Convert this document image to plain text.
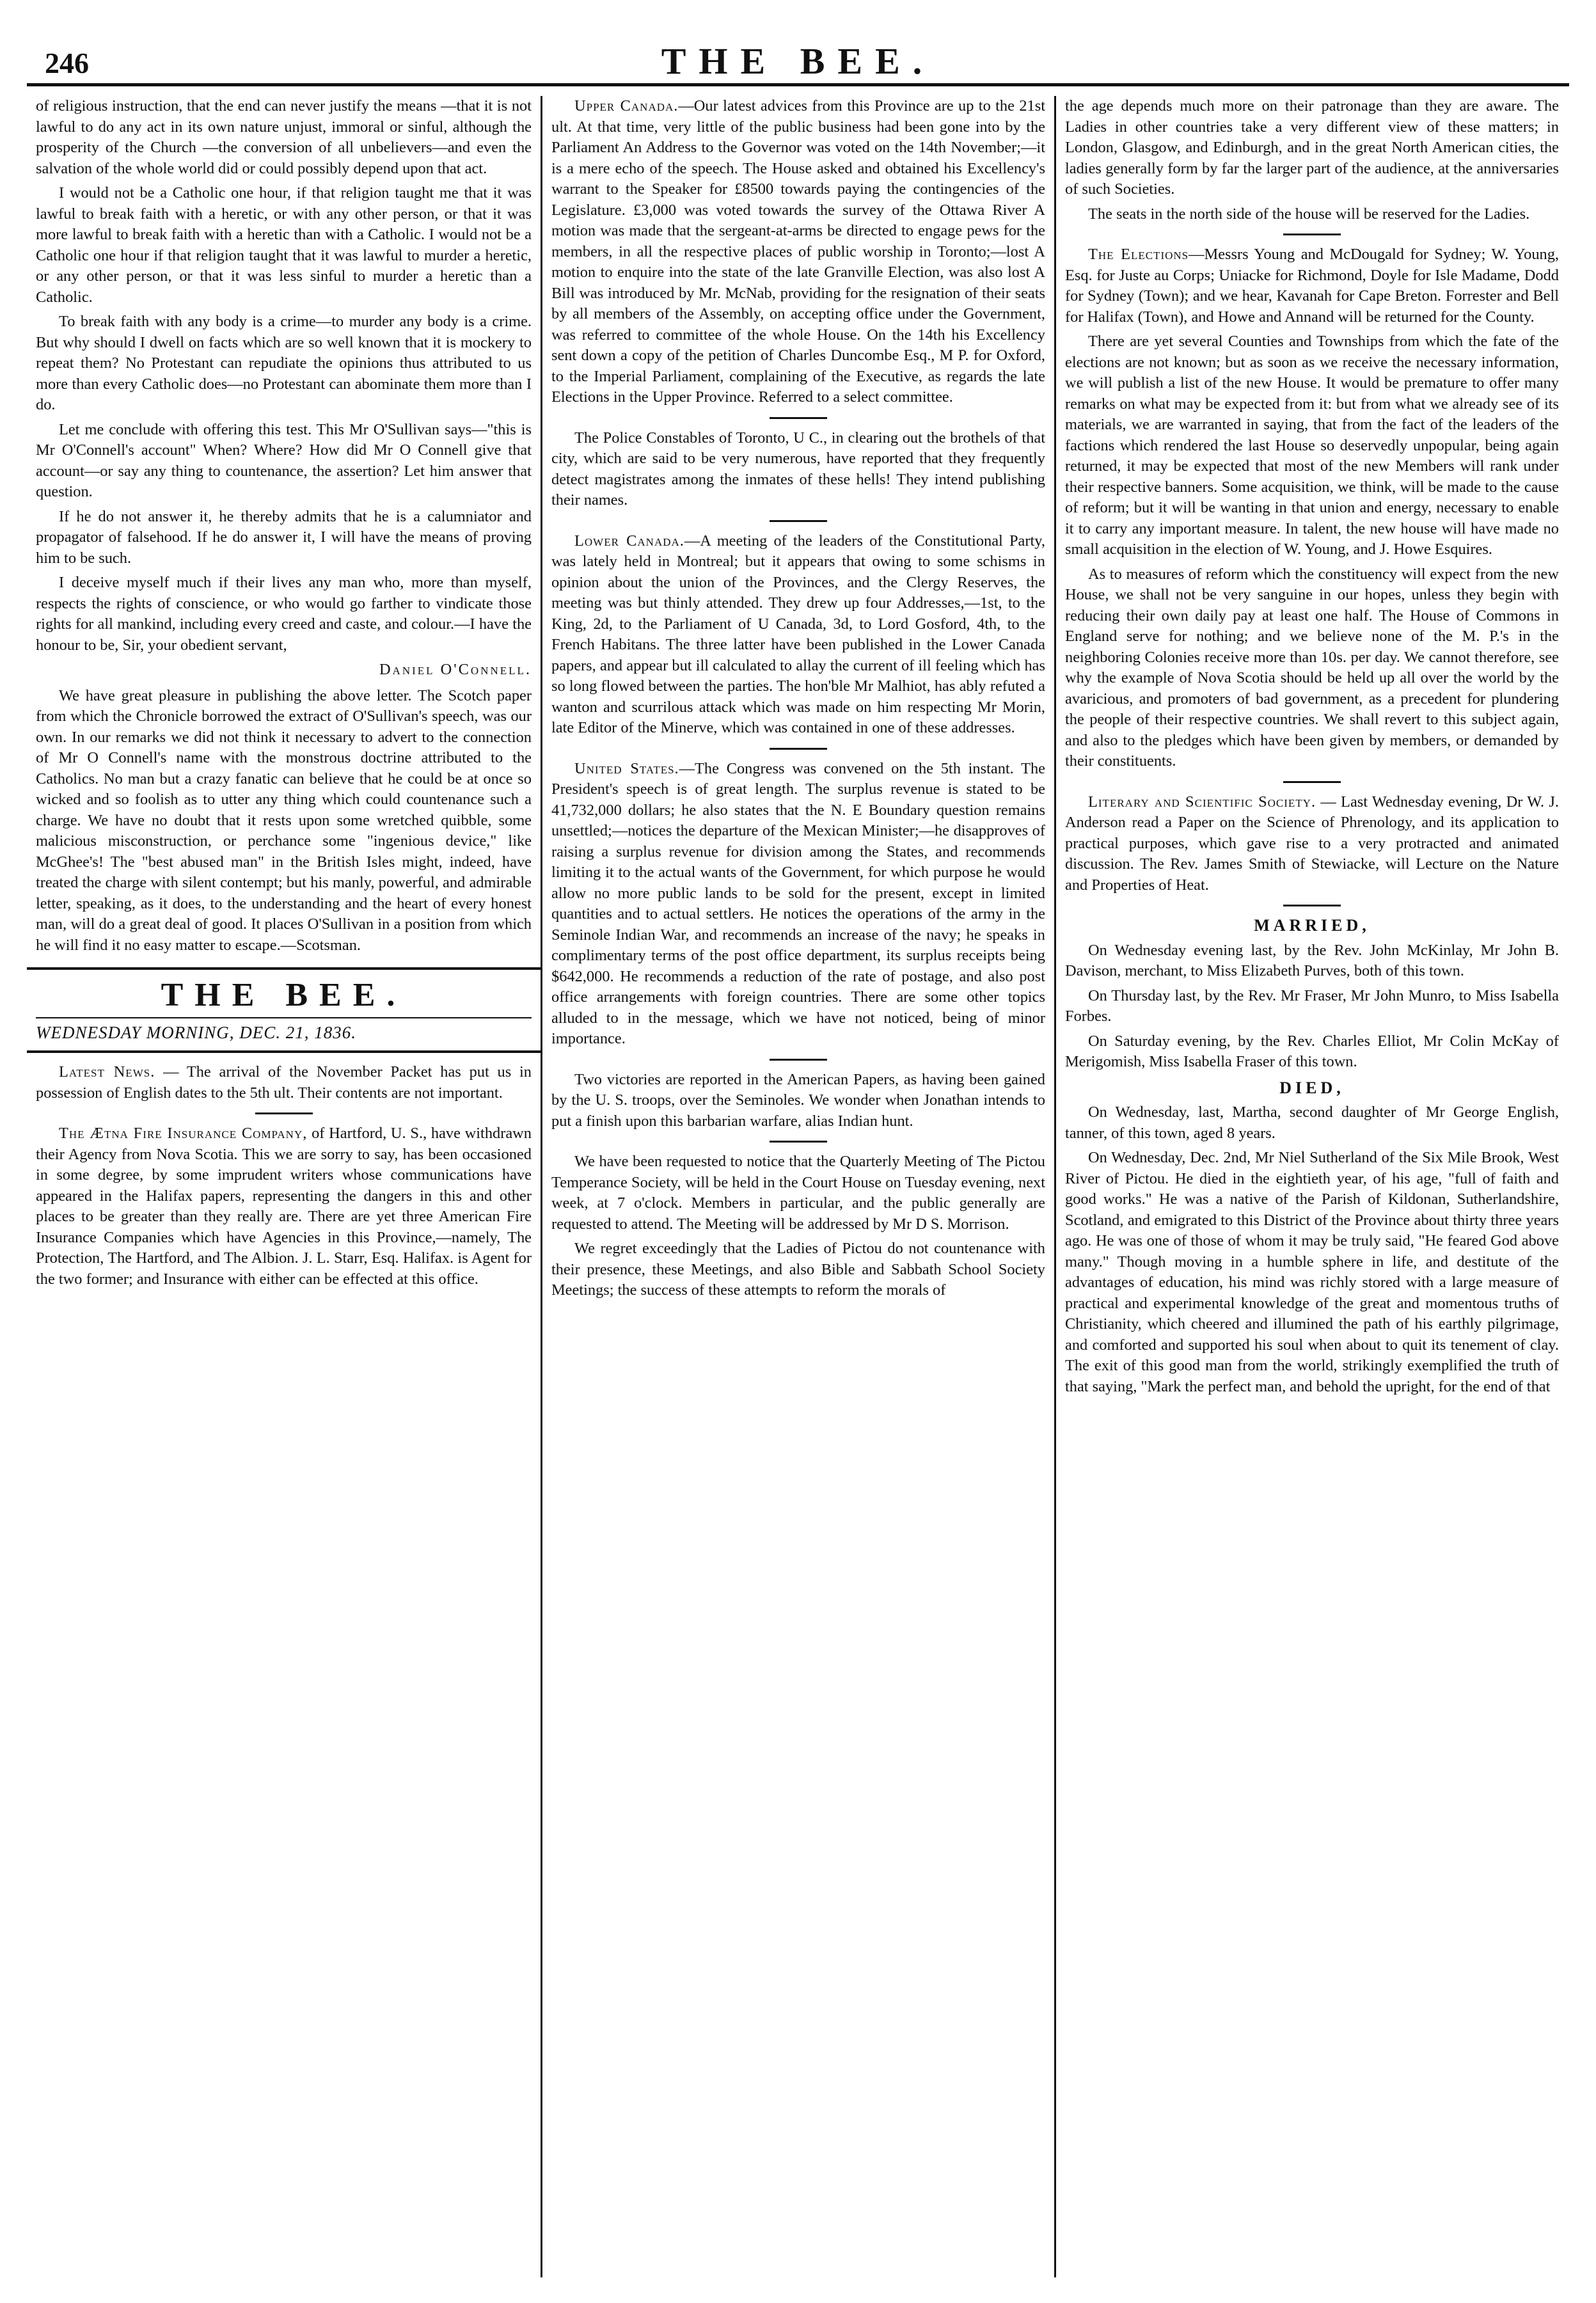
246	THE BEE.

of religious instruction, that the end can never justify the means —that it is not lawful to do any act in its own nature unjust, immoral or sinful, although the prosperity of the Church —the conversion of all unbelievers—and even the salvation of the whole world did or could possibly depend upon that act.

I would not be a Catholic one hour, if that religion taught me that it was lawful to break faith with a heretic, or with any other person, or that it was more lawful to break faith with a heretic than with a Catholic. I would not be a Catholic one hour if that religion taught that it was lawful to murder a heretic, or any other person, or that it was less sinful to murder a heretic than a Catholic.

To break faith with any body is a crime—to murder any body is a crime. But why should I dwell on facts which are so well known that it is mockery to repeat them? No Protestant can repudiate the opinions thus attributed to us more than every Catholic does—no Protestant can abominate them more than I do.

Let me conclude with offering this test. This Mr O'Sullivan says—"this is Mr O'Connell's account" When? Where? How did Mr O Connell give that account—or say any thing to countenance, the assertion? Let him answer that question.

If he do not answer it, he thereby admits that he is a calumniator and propagator of falsehood. If he do answer it, I will have the means of proving him to be such.

I deceive myself much if their lives any man who, more than myself, respects the rights of conscience, or who would go farther to vindicate those rights for all mankind, including every creed and caste, and colour.—I have the honour to be, Sir, your obedient servant,

Daniel O'Connell.

We have great pleasure in publishing the above letter. The Scotch paper from which the Chronicle borrowed the extract of O'Sullivan's speech, was our own. In our remarks we did not think it necessary to advert to the connection of Mr O Connell's name with the monstrous doctrine attributed to the Catholics. No man but a crazy fanatic can believe that he could be at once so wicked and so foolish as to utter any thing which could countenance such a charge. We have no doubt that it rests upon some wretched quibble, some malicious misconstruction, or perchance some "ingenious device," like McGhee's! The "best abused man" in the British Isles might, indeed, have treated the charge with silent contempt; but his manly, powerful, and admirable letter, speaking, as it does, to the understanding and the heart of every honest man, will do a great deal of good. It places O'Sullivan in a position from which he will find it no easy matter to escape.—Scotsman.

THE BEE.
WEDNESDAY MORNING, DEC. 21, 1836.

Latest News. — The arrival of the November Packet has put us in possession of English dates to the 5th ult. Their contents are not important.

The Ætna Fire Insurance Company, of Hartford, U. S., have withdrawn their Agency from Nova Scotia. This we are sorry to say, has been occasioned in some degree, by some imprudent writers whose communications have appeared in the Halifax papers, representing the dangers in this and other places to be greater than they really are. There are yet three American Fire Insurance Companies which have Agencies in this Province,—namely, The Protection, The Hartford, and The Albion. J. L. Starr, Esq. Halifax. is Agent for the two former; and Insurance with either can be effected at this office.

Upper Canada.—Our latest advices from this Province are up to the 21st ult. At that time, very little of the public business had been gone into by the Parliament An Address to the Governor was voted on the 14th November;—it is a mere echo of the speech. The House asked and obtained his Excellency's warrant to the Speaker for £8500 towards paying the contingencies of the Legislature. £3,000 was voted towards the survey of the Ottawa River A motion was made that the sergeant-at-arms be directed to engage pews for the members, in all the respective places of public worship in Toronto;—lost A motion to enquire into the state of the late Granville Election, was also lost A Bill was introduced by Mr. McNab, providing for the resignation of their seats by all members of the Assembly, on accepting office under the Government, was referred to committee of the whole House. On the 14th his Excellency sent down a copy of the petition of Charles Duncombe Esq., M P. for Oxford, to the Imperial Parliament, complaining of the Executive, as regards the late Elections in the Upper Province. Referred to a select committee.

The Police Constables of Toronto, U C., in clearing out the brothels of that city, which are said to be very numerous, have reported that they frequently detect magistrates among the inmates of these hells! They intend publishing their names.

Lower Canada.—A meeting of the leaders of the Constitutional Party, was lately held in Montreal; but it appears that owing to some schisms in opinion about the union of the Provinces, and the Clergy Reserves, the meeting was but thinly attended. They drew up four Addresses,—1st, to the King, 2d, to the Parliament of U Canada, 3d, to Lord Gosford, 4th, to the French Habitans. The three latter have been published in the Lower Canada papers, and appear but ill calculated to allay the current of ill feeling which has so long flowed between the parties. The hon'ble Mr Malhiot, has ably refuted a wanton and scurrilous attack which was made on him respecting Mr Morin, late Editor of the Minerve, which was contained in one of these addresses.

United States.—The Congress was convened on the 5th instant. The President's speech is of great length. The surplus revenue is stated to be 41,732,000 dollars; he also states that the N. E Boundary question remains unsettled;—notices the departure of the Mexican Minister;—he disapproves of raising a surplus revenue for division among the States, and recommends limiting it to the actual wants of the Government, for which purpose he would allow no more public lands to be sold for the present, except in limited quantities and to actual settlers. He notices the operations of the army in the Seminole Indian War, and recommends an increase of the navy; he speaks in complimentary terms of the post office department, its surplus receipts being $642,000. He recommends a reduction of the rate of postage, and also post office arrangements with foreign countries. There are some other topics alluded to in the message, which we have not noticed, being of minor importance.

Two victories are reported in the American Papers, as having been gained by the U. S. troops, over the Seminoles. We wonder when Jonathan intends to put a finish upon this barbarian warfare, alias Indian hunt.

We have been requested to notice that the Quarterly Meeting of The Pictou Temperance Society, will be held in the Court House on Tuesday evening, next week, at 7 o'clock. Members in particular, and the public generally are requested to attend. The Meeting will be addressed by Mr D S. Morrison.

We regret exceedingly that the Ladies of Pictou do not countenance with their presence, these Meetings, and also Bible and Sabbath School Society Meetings; the success of these attempts to reform the morals of

the age depends much more on their patronage than they are aware. The Ladies in other countries take a very different view of these matters; in London, Glasgow, and Edinburgh, and in the great North American cities, the ladies generally form by far the larger part of the audience, at the anniversaries of such Societies.

The seats in the north side of the house will be reserved for the Ladies.

The Elections—Messrs Young and McDougald for Sydney; W. Young, Esq. for Juste au Corps; Uniacke for Richmond, Doyle for Isle Madame, Dodd for Sydney (Town); and we hear, Kavanah for Cape Breton. Forrester and Bell for Halifax (Town), and Howe and Annand will be returned for the County.

There are yet several Counties and Townships from which the fate of the elections are not known; but as soon as we receive the necessary information, we will publish a list of the new House. It would be premature to offer many remarks on what may be expected from it: but from what we already see of its materials, we are warranted in saying, that from the fact of the leaders of the factions which rendered the last House so deservedly unpopular, being again returned, it may be expected that most of the new Members will rank under their respective banners. Some acquisition, we think, will be made to the cause of reform; but it will be wanting in that union and energy, necessary to enable it to carry any important measure. In talent, the new house will have made no small acquisition in the election of W. Young, and J. Howe Esquires.

As to measures of reform which the constituency will expect from the new House, we shall not be very sanguine in our hopes, unless they begin with reducing their own daily pay at least one half. The House of Commons in England serve for nothing; and we believe none of the M. P.'s in the neighboring Colonies receive more than 10s. per day. We cannot therefore, see why the example of Nova Scotia should be held up all over the world by the avaricious, and promoters of bad government, as a precedent for plundering the people of their respective countries. We shall revert to this subject again, and also to the pledges which have been given by members, or demanded by their constituents.

Literary and Scientific Society. — Last Wednesday evening, Dr W. J. Anderson read a Paper on the Science of Phrenology, and its application to practical purposes, which gave rise to a very protracted and animated discussion. The Rev. James Smith of Stewiacke, will Lecture on the Nature and Properties of Heat.

MARRIED,

On Wednesday evening last, by the Rev. John McKinlay, Mr John B. Davison, merchant, to Miss Elizabeth Purves, both of this town.

On Thursday last, by the Rev. Mr Fraser, Mr John Munro, to Miss Isabella Forbes.

On Saturday evening, by the Rev. Charles Elliot, Mr Colin McKay of Merigomish, Miss Isabella Fraser of this town.

DIED,

On Wednesday, last, Martha, second daughter of Mr George English, tanner, of this town, aged 8 years.

On Wednesday, Dec. 2nd, Mr Niel Sutherland of the Six Mile Brook, West River of Pictou. He died in the eightieth year, of his age, "full of faith and good works." He was a native of the Parish of Kildonan, Sutherlandshire, Scotland, and emigrated to this District of the Province about thirty three years ago. He was one of those of whom it may be truly said, "He feared God above many." Though moving in a humble sphere in life, and destitute of the advantages of education, his mind was richly stored with a large measure of practical and experimental knowledge of the great and momentous truths of Christianity, which cheered and illumined the path of his earthly pilgrimage, and comforted and supported his soul when about to quit its tenement of clay. The exit of this good man from the world, strikingly exemplified the truth of that saying, "Mark the perfect man, and behold the upright, for the end of that
